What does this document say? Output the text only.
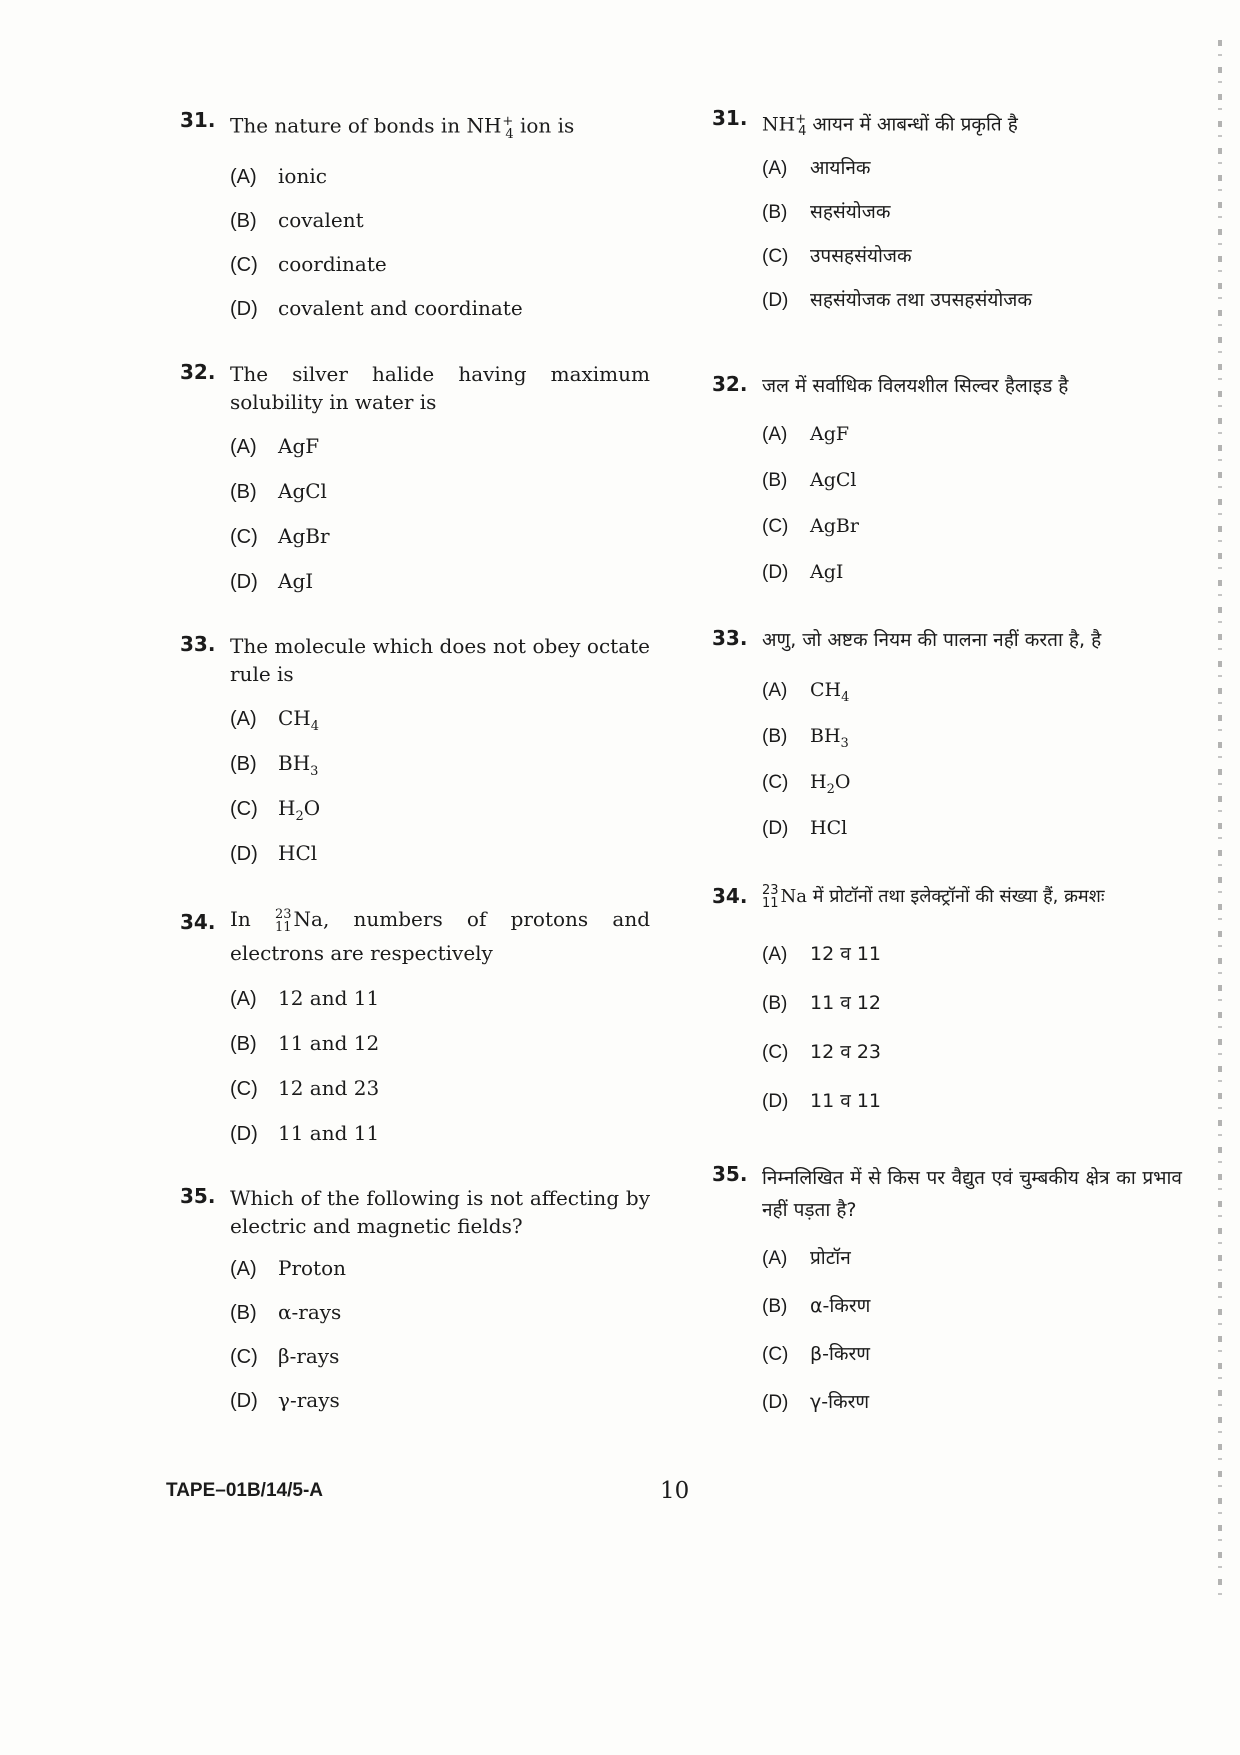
31. The nature of bonds in $NH^+_4$ ion is
(A) ionic
(B) covalent
(C) coordinate
(D) covalent and coordinate
32. The silver halide having maximum solubility in water is
(A) AgF
(B) AgCl
(C) AgBr
(D) AgI
33. The molecule which does not obey octate rule is
(A) $CH_4$
(B) $BH_3$
(C) $H_2O$
(D) HCl
34. In 23
11 Na, numbers of protons and electrons are respectively
(A) 12 and 11
(B) 11 and 12
(C) 12 and 23
(D) 11 and 11
35. Which of the following is not affecting by electric and magnetic fields?
(A) Proton
(B) α-rays
(C) β-rays
(D) γ-rays
31. $NH^+_4$ आयन में आबन्धों की प्रकृति है
(A) आयनिक
(B) सहसंयोजक
(C) उपसहसंयोजक
(D) सहसंयोजक तथा उपसहसंयोजक
32. जल में सर्वाधिक विलयशील सिल्वर हैलाइड है
(A) AgF
(B) AgCl
(C) AgBr
(D) AgI
33. अणु, जो अष्टक नियम की पालना नहीं करता है, है
(A) $CH_4$
(B) $BH_3$
(C) $H_2O$
(D) HCl
34. 23
11 Na में प्रोटॉनों तथा इलेक्ट्रॉनों की संख्या हैं, क्रमशः
(A) 12 व 11
(B) 11 व 12
(C) 12 व 23
(D) 11 व 11
35. निम्नलिखित में से किस पर वैद्युत एवं चुम्बकीय क्षेत्र का प्रभाव नहीं पड़ता है?
(A) प्रोटॉन
(B) α-किरण
(C) β-किरण
(D) γ-किरण
TAPE–01B/14/5-A	10
